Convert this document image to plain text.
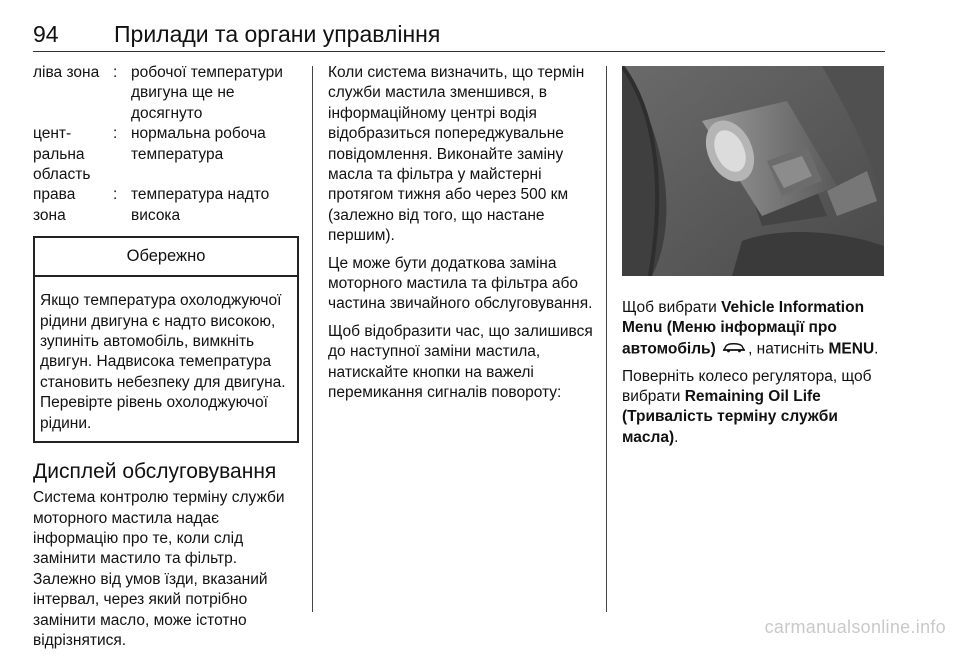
94 Прилади та органи управління
ліва зона : робочої температури двигуна ще не досягнуто
цент-ральна область
: нормальна робоча температура
права зона
: температура надто висока
Обережно
Якщо температура охолоджуючої рідини двигуна є надто високою, зупиніть автомобіль, вимкніть двигун. Надвисока темепратура становить небезпеку для двигуна. Перевірте рівень охолоджуючої рідини.
Дисплей обслуговування
Система контролю терміну служби моторного мастила надає інформацію про те, коли слід замінити мастило та фільтр. Залежно від умов їзди, вказаний інтервал, через який потрібно замінити масло, може істотно відрізнятися.

Коли система визначить, що термін служби мастила зменшився, в інформаційному центрі водія відобразиться попереджувальне повідомлення. Виконайте заміну масла та фільтра у майстерні протягом тижня або через 500 км (залежно від того, що настане першим).

Це може бути додаткова заміна моторного мастила та фільтра або частина звичайного обслуговування.

Щоб відобразити час, що залишився до наступної заміни мастила, натискайте кнопки на важелі перемикання сигналів повороту:

Щоб вибрати Vehicle Information Menu (Меню інформації про автомобіль) , натисніть MENU.

Поверніть колесо регулятора, щоб вибрати Remaining Oil Life (Тривалість терміну служби масла).

carmanualsonline.info
